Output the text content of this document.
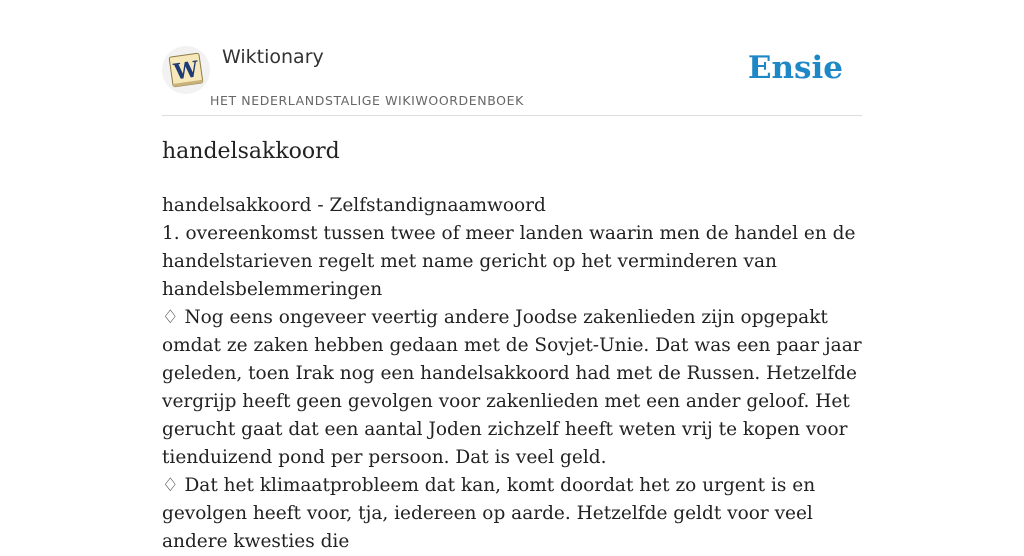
W Wiktionary
HET NEDERLANDSTALIGE WIKIWOORDENBOEK
Ensie
handelsakkoord

handelsakkoord - Zelfstandignaamwoord

1. overeenkomst tussen twee of meer landen waarin men de handel en de handelstarieven regelt met name gericht op het verminderen van handelsbelemmeringen

♢ Nog eens ongeveer veertig andere Joodse zakenlieden zijn opgepakt omdat ze zaken hebben gedaan met de Sovjet-Unie. Dat was een paar jaar geleden, toen Irak nog een handelsakkoord had met de Russen. Hetzelfde vergrijp heeft geen gevolgen voor zakenlieden met een ander geloof. Het gerucht gaat dat een aantal Joden zichzelf heeft weten vrij te kopen voor tienduizend pond per persoon. Dat is veel geld.

♢ Dat het klimaatprobleem dat kan, komt doordat het zo urgent is en gevolgen heeft voor, tja, iedereen op aarde. Hetzelfde geldt voor veel andere kwesties die
